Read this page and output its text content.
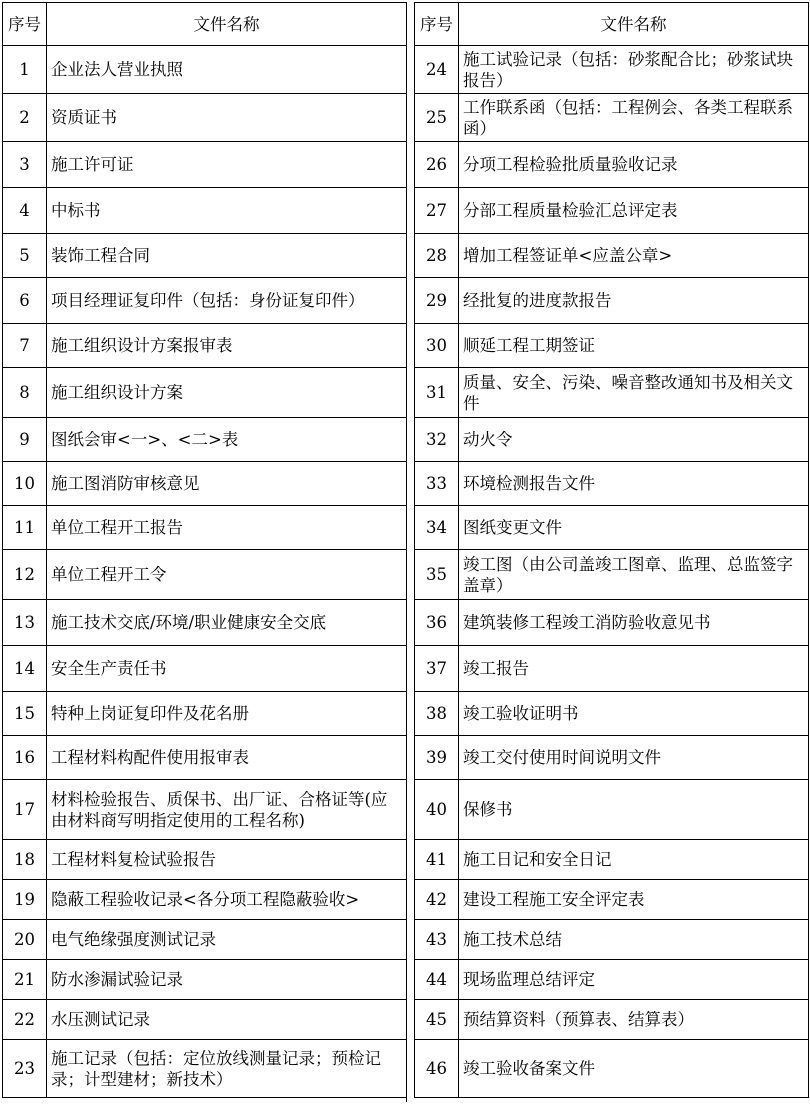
序号	文件名称
1	企业法人营业执照
2	资质证书
3	施工许可证
4	中标书
5	装饰工程合同
6	项目经理证复印件（包括：身份证复印件）
7	施工组织设计方案报审表
8	施工组织设计方案
9	图纸会审<一>、<二>表
10	施工图消防审核意见
11	单位工程开工报告
12	单位工程开工令
13	施工技术交底/环境/职业健康安全交底
14	安全生产责任书
15	特种上岗证复印件及花名册
16	工程材料构配件使用报审表
17	材料检验报告、质保书、出厂证、合格证等(应由材料商写明指定使用的工程名称)
18	工程材料复检试验报告
19	隐蔽工程验收记录<各分项工程隐蔽验收>
20	电气绝缘强度测试记录
21	防水渗漏试验记录
22	水压测试记录
23	施工记录（包括：定位放线测量记录；预检记录；计型建材；新技术）
序号	文件名称
24	施工试验记录（包括：砂浆配合比；砂浆试块报告）
25	工作联系函（包括：工程例会、各类工程联系函）
26	分项工程检验批质量验收记录
27	分部工程质量检验汇总评定表
28	增加工程签证单<应盖公章>
29	经批复的进度款报告
30	顺延工程工期签证
31	质量、安全、污染、噪音整改通知书及相关文件
32	动火令
33	环境检测报告文件
34	图纸变更文件
35	竣工图（由公司盖竣工图章、监理、总监签字盖章）
36	建筑装修工程竣工消防验收意见书
37	竣工报告
38	竣工验收证明书
39	竣工交付使用时间说明文件
40	保修书
41	施工日记和安全日记
42	建设工程施工安全评定表
43	施工技术总结
44	现场监理总结评定
45	预结算资料（预算表、结算表）
46	竣工验收备案文件
